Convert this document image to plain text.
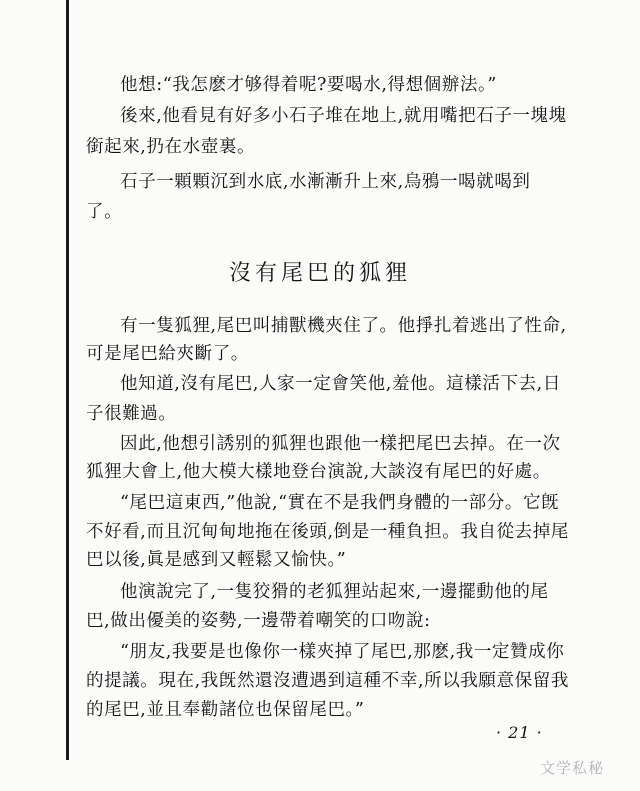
他想:“我怎麽才够得着呢?要喝水,得想個辦法。”
後來,他看見有好多小石子堆在地上,就用嘴把石子一塊塊
銜起來,扔在水壺裏。
石子一顆顆沉到水底,水漸漸升上來,烏鴉一喝就喝到
了。
沒有尾巴的狐狸
有一隻狐狸,尾巴叫捕獸機夾住了。他掙扎着逃出了性命,
可是尾巴給夾斷了。
他知道,沒有尾巴,人家一定會笑他,羞他。這樣活下去,日
子很難過。
因此,他想引誘别的狐狸也跟他一樣把尾巴去掉。在一次
狐狸大會上,他大模大樣地登台演說,大談沒有尾巴的好處。
“尾巴這東西,”他說,“實在不是我們身體的一部分。它旣
不好看,而且沉甸甸地拖在後頭,倒是一種負担。我自從去掉尾
巴以後,眞是感到又輕鬆又愉快。”
他演說完了,一隻狡猾的老狐狸站起來,一邊擺動他的尾
巴,做出優美的姿勢,一邊帶着嘲笑的口吻說:
“朋友,我要是也像你一樣夾掉了尾巴,那麽,我一定贊成你
的提議。現在,我旣然還沒遭遇到這種不幸,所以我願意保留我
的尾巴,並且奉勸諸位也保留尾巴。”
· 21 ·
文学私秘
